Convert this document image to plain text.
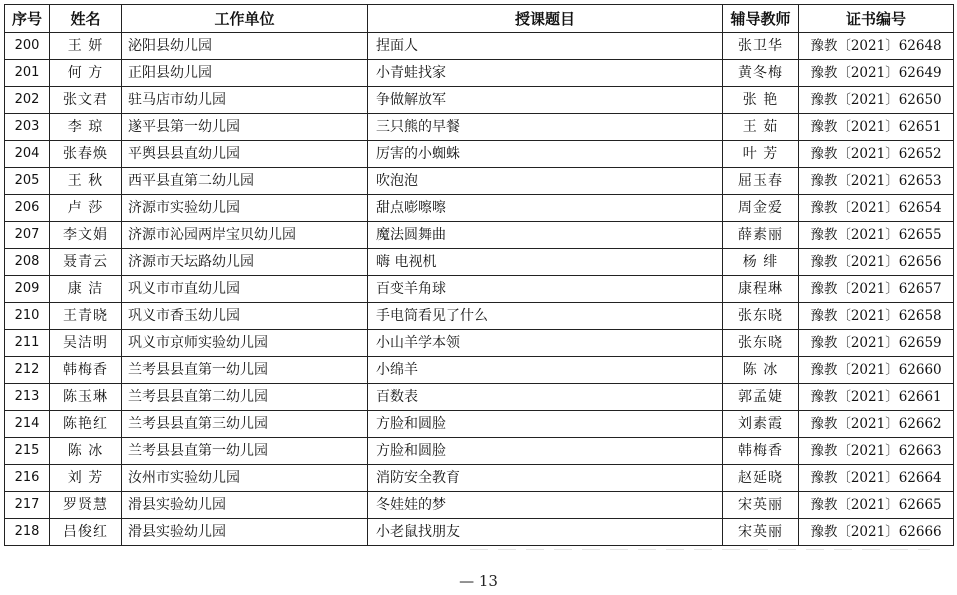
序号	姓名	工作单位	授课题目	辅导教师	证书编号
200	王 妍	泌阳县幼儿园	捏面人	张卫华	豫教〔2021〕62648
201	何 方	正阳县幼儿园	小青蛙找家	黄冬梅	豫教〔2021〕62649
202	张文君	驻马店市幼儿园	争做解放军	张 艳	豫教〔2021〕62650
203	李 琼	遂平县第一幼儿园	三只熊的早餐	王 茹	豫教〔2021〕62651
204	张春焕	平舆县县直幼儿园	厉害的小蜘蛛	叶 芳	豫教〔2021〕62652
205	王 秋	西平县直第二幼儿园	吹泡泡	屈玉春	豫教〔2021〕62653
206	卢 莎	济源市实验幼儿园	甜点嘭嚓嚓	周金爱	豫教〔2021〕62654
207	李文娟	济源市沁园两岸宝贝幼儿园	魔法圆舞曲	薛素丽	豫教〔2021〕62655
208	聂青云	济源市天坛路幼儿园	嗨 电视机	杨 绯	豫教〔2021〕62656
209	康 洁	巩义市市直幼儿园	百变羊角球	康程琳	豫教〔2021〕62657
210	王青晓	巩义市香玉幼儿园	手电筒看见了什么	张东晓	豫教〔2021〕62658
211	吴洁明	巩义市京师实验幼儿园	小山羊学本领	张东晓	豫教〔2021〕62659
212	韩梅香	兰考县县直第一幼儿园	小绵羊	陈 冰	豫教〔2021〕62660
213	陈玉琳	兰考县县直第二幼儿园	百数表	郭孟婕	豫教〔2021〕62661
214	陈艳红	兰考县县直第三幼儿园	方脸和圆脸	刘素霞	豫教〔2021〕62662
215	陈 冰	兰考县县直第一幼儿园	方脸和圆脸	韩梅香	豫教〔2021〕62663
216	刘 芳	汝州市实验幼儿园	消防安全教育	赵延晓	豫教〔2021〕62664
217	罗贤慧	滑县实验幼儿园	冬娃娃的梦	宋英丽	豫教〔2021〕62665
218	吕俊红	滑县实验幼儿园	小老鼠找朋友	宋英丽	豫教〔2021〕62666
— 13
